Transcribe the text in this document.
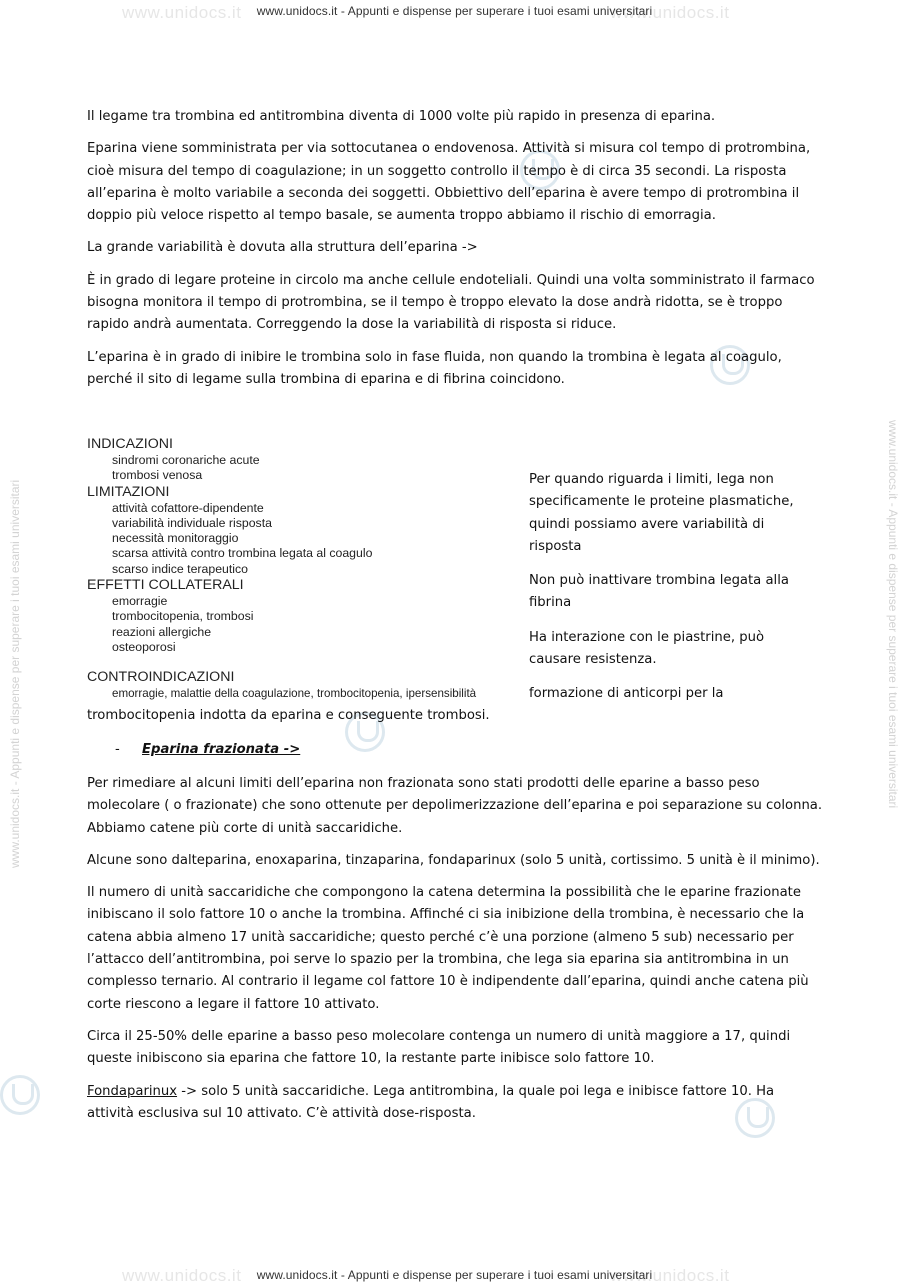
www.unidocs.it	www.unidocs.it
www.unidocs.it	www.unidocs.it
www.unidocs.it - Appunti e dispense per superare i tuoi esami universitari	www.unidocs.it - Appunti e dispense per superare i tuoi esami universitari
www.unidocs.it - Appunti e dispense per superare i tuoi esami universitari
www.unidocs.it - Appunti e dispense per superare i tuoi esami universitari

Il legame tra trombina ed antitrombina diventa di 1000 volte più rapido in presenza di eparina.

Eparina viene somministrata per via sottocutanea o endovenosa. Attività si misura col tempo di protrombina, cioè misura del tempo di coagulazione; in un soggetto controllo il tempo è di circa 35 secondi. La risposta all’eparina è molto variabile a seconda dei soggetti. Obbiettivo dell’eparina è avere tempo di protrombina il doppio più veloce rispetto al tempo basale, se aumenta troppo abbiamo il rischio di emorragia.

La grande variabilità è dovuta alla struttura dell’eparina ->

È in grado di legare proteine in circolo ma anche cellule endoteliali. Quindi una volta somministrato il farmaco bisogna monitora il tempo di protrombina, se il tempo è troppo elevato la dose andrà ridotta, se è troppo rapido andrà aumentata. Correggendo la dose la variabilità di risposta si riduce.

L’eparina è in grado di inibire le trombina solo in fase fluida, non quando la trombina è legata al coagulo, perché il sito di legame sulla trombina di eparina e di fibrina coincidono.

INDICAZIONI
sindromi coronariche acute
trombosi venosa
LIMITAZIONI
attività cofattore-dipendente
variabilità individuale risposta
necessità monitoraggio
scarsa attività contro trombina legata al coagulo
scarso indice terapeutico
EFFETTI COLLATERALI
emorragie
trombocitopenia, trombosi
reazioni allergiche
osteoporosi
CONTROINDICAZIONI
emorragie, malattie della coagulazione, trombocitopenia, ipersensibilità

Per quando riguarda i limiti, lega non specificamente le proteine plasmatiche, quindi possiamo avere variabilità di risposta

Non può inattivare trombina legata alla fibrina

Ha interazione con le piastrine, può causare resistenza.

formazione di anticorpi per la

trombocitopenia indotta da eparina e conseguente trombosi.
- Eparina frazionata ->

Per rimediare al alcuni limiti dell’eparina non frazionata sono stati prodotti delle eparine a basso peso molecolare ( o frazionate) che sono ottenute per depolimerizzazione dell’eparina e poi separazione su colonna. Abbiamo catene più corte di unità saccaridiche.

Alcune sono dalteparina, enoxaparina, tinzaparina, fondaparinux (solo 5 unità, cortissimo. 5 unità è il minimo).

Il numero di unità saccaridiche che compongono la catena determina la possibilità che le eparine frazionate inibiscano il solo fattore 10 o anche la trombina. Affinché ci sia inibizione della trombina, è necessario che la catena abbia almeno 17 unità saccaridiche; questo perché c’è una porzione (almeno 5 sub) necessario per l’attacco dell’antitrombina, poi serve lo spazio per la trombina, che lega sia eparina sia antitrombina in un complesso ternario. Al contrario il legame col fattore 10 è indipendente dall’eparina, quindi anche catena più corte riescono a legare il fattore 10 attivato.

Circa il 25-50% delle eparine a basso peso molecolare contenga un numero di unità maggiore a 17, quindi queste inibiscono sia eparina che fattore 10, la restante parte inibisce solo fattore 10.

Fondaparinux -> solo 5 unità saccaridiche. Lega antitrombina, la quale poi lega e inibisce fattore 10. Ha attività esclusiva sul 10 attivato. C’è attività dose-risposta.
